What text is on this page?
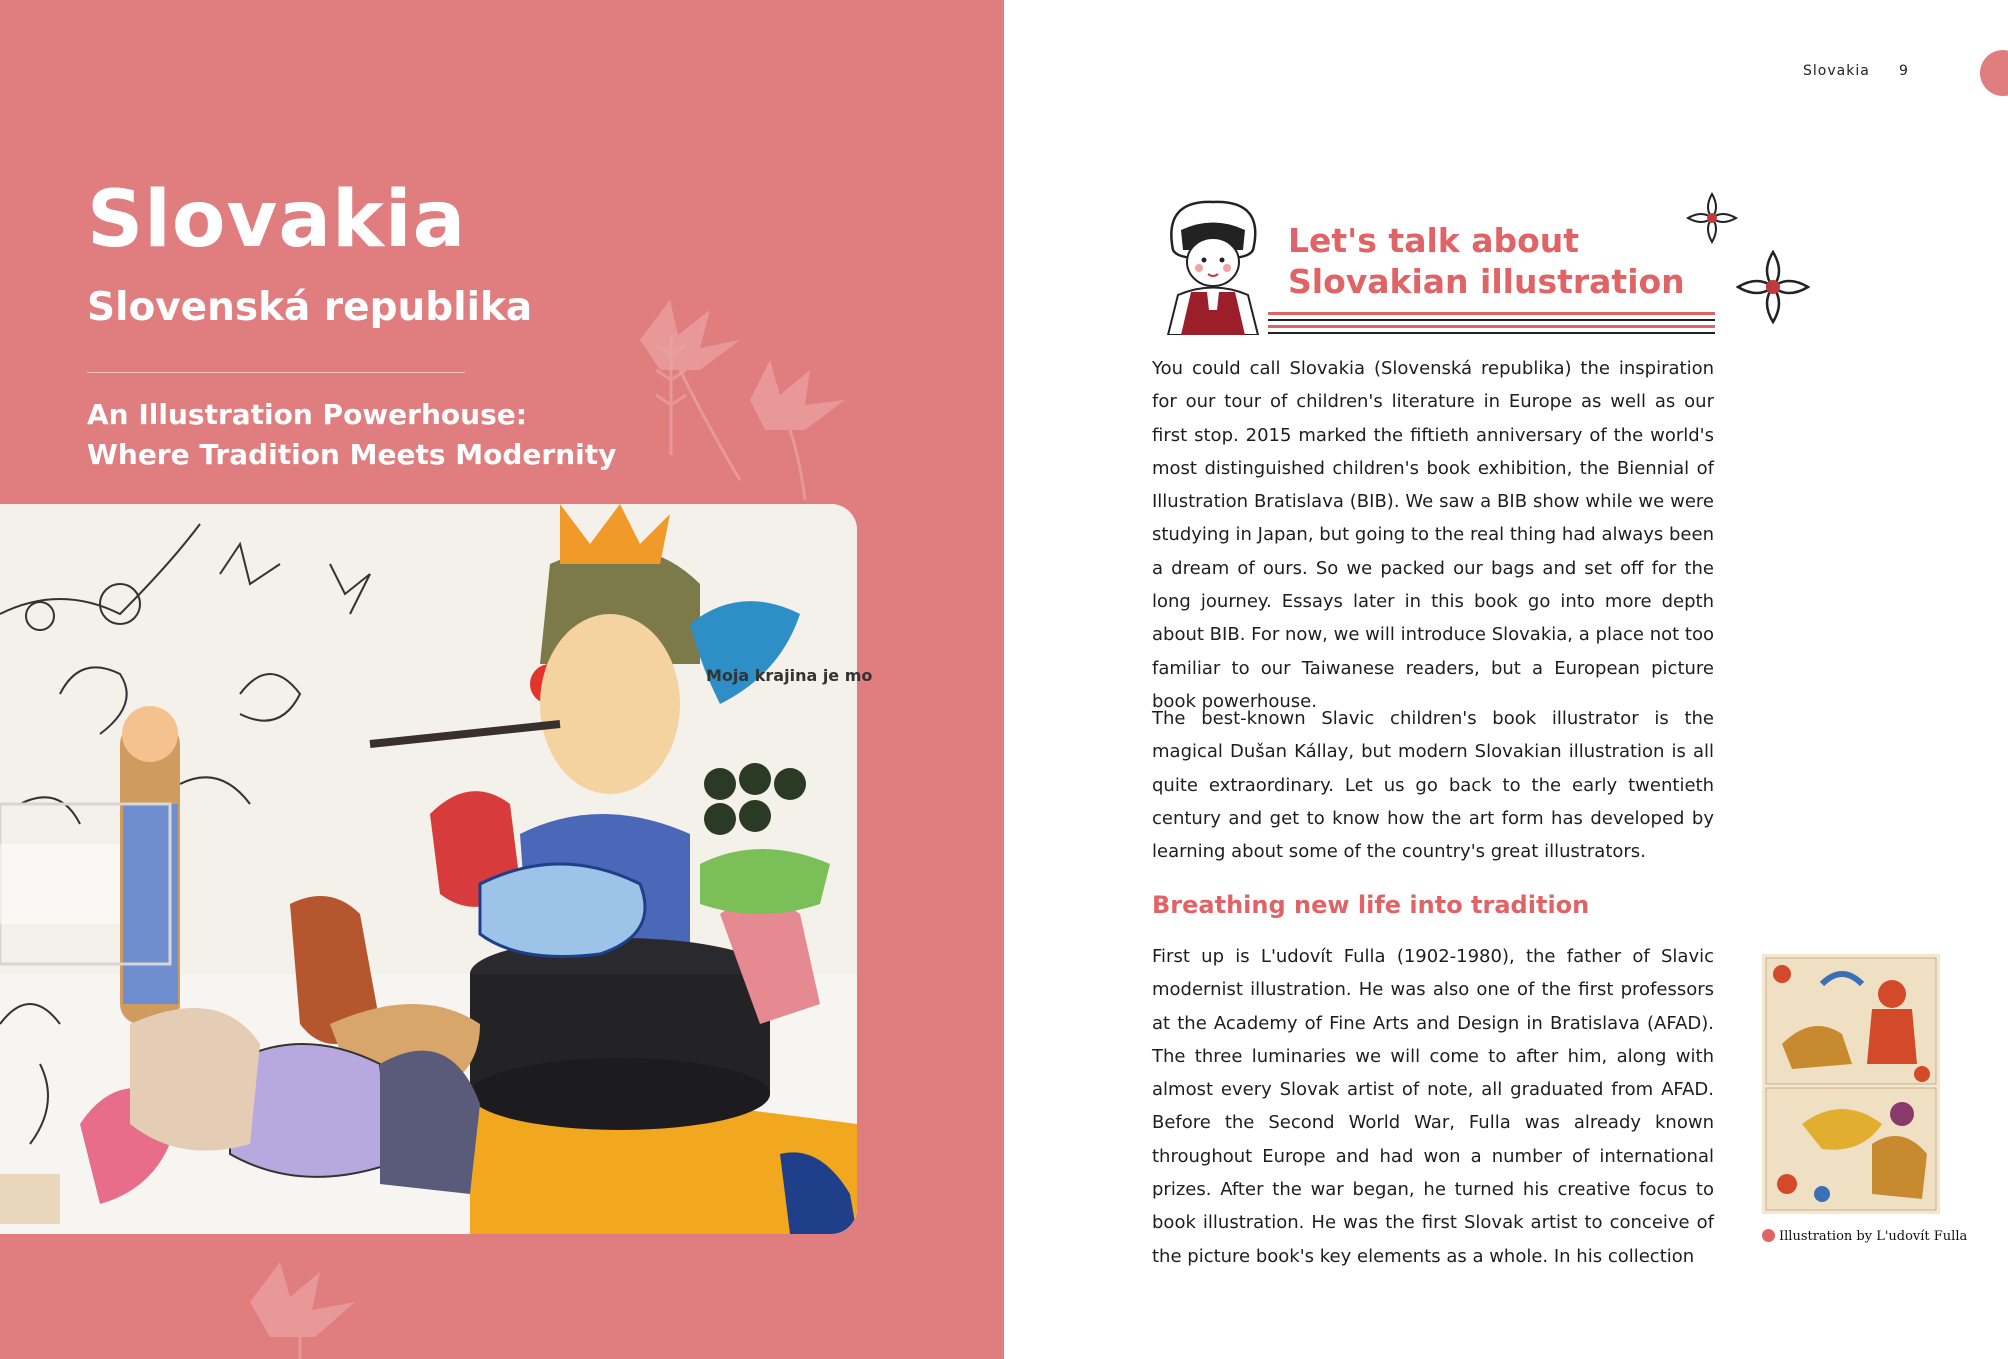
Slovakia
Slovenská republika

An Illustration Powerhouse:
Where Tradition Meets Modernity

Moja krajina je mo
Slovakia 9
Let's talk about
Slovakian illustration

You could call Slovakia (Slovenská republika) the inspiration for our tour of children's literature in Europe as well as our first stop. 2015 marked the fiftieth anniversary of the world's most distinguished children's book exhibition, the Biennial of Illustration Bratislava (BIB). We saw a BIB show while we were studying in Japan, but going to the real thing had always been a dream of ours. So we packed our bags and set off for the long journey. Essays later in this book go into more depth about BIB. For now, we will introduce Slovakia, a place not too familiar to our Taiwanese readers, but a European picture book powerhouse.

The best-known Slavic children's book illustrator is the magical Dušan Kállay, but modern Slovakian illustration is all quite extraordinary. Let us go back to the early twentieth century and get to know how the art form has developed by learning about some of the country's great illustrators.

Breathing new life into tradition

First up is L'udovít Fulla (1902-1980), the father of Slavic modernist illustration. He was also one of the first professors at the Academy of Fine Arts and Design in Bratislava (AFAD). The three luminaries we will come to after him, along with almost every Slovak artist of note, all graduated from AFAD. Before the Second World War, Fulla was already known throughout Europe and had won a number of international prizes. After the war began, he turned his creative focus to book illustration. He was the first Slovak artist to conceive of the picture book's key elements as a whole. In his collection

Illustration by L'udovít Fulla
